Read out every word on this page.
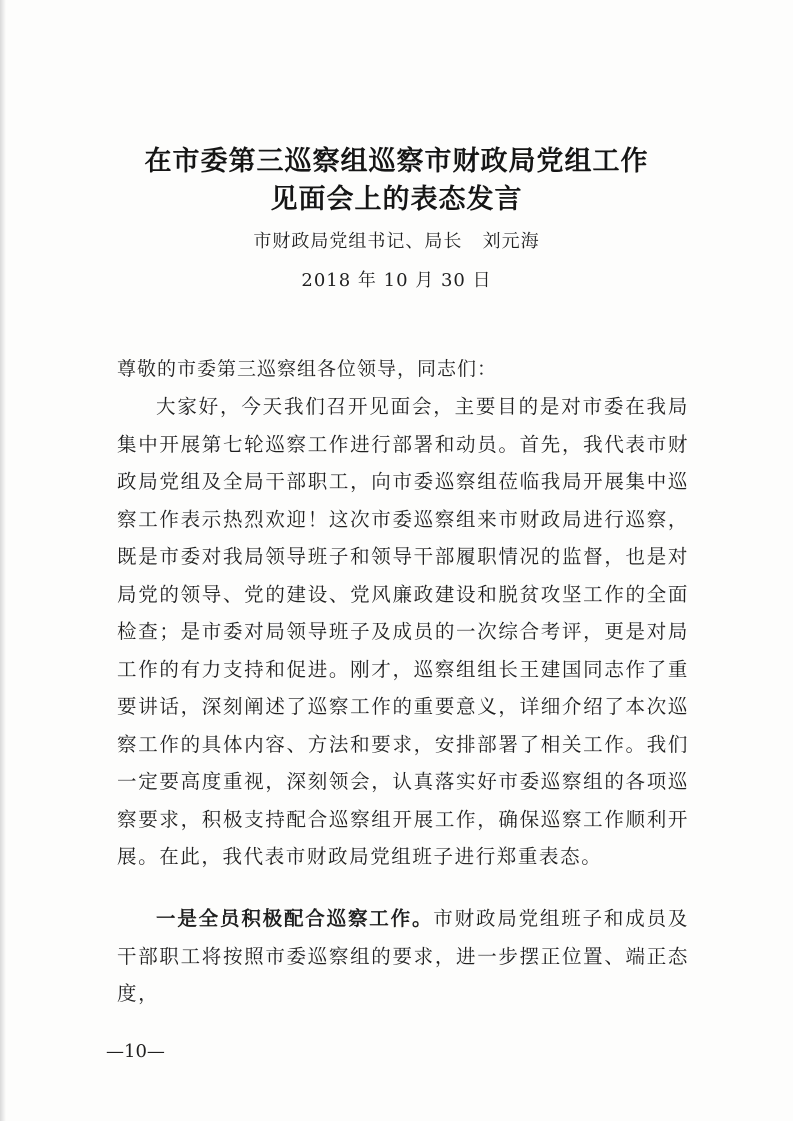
在市委第三巡察组巡察市财政局党组工作
见面会上的表态发言
市财政局党组书记、局长   刘元海
2018 年 10 月 30 日
尊敬的市委第三巡察组各位领导，同志们：
大家好，今天我们召开见面会，主要目的是对市委在我局集中开展第七轮巡察工作进行部署和动员。首先，我代表市财政局党组及全局干部职工，向市委巡察组莅临我局开展集中巡察工作表示热烈欢迎！这次市委巡察组来市财政局进行巡察，既是市委对我局领导班子和领导干部履职情况的监督，也是对局党的领导、党的建设、党风廉政建设和脱贫攻坚工作的全面检查；是市委对局领导班子及成员的一次综合考评，更是对局工作的有力支持和促进。刚才，巡察组组长王建国同志作了重要讲话，深刻阐述了巡察工作的重要意义，详细介绍了本次巡察工作的具体内容、方法和要求，安排部署了相关工作。我们一定要高度重视，深刻领会，认真落实好市委巡察组的各项巡察要求，积极支持配合巡察组开展工作，确保巡察工作顺利开展。在此，我代表市财政局党组班子进行郑重表态。
一是全员积极配合巡察工作。市财政局党组班子和成员及干部职工将按照市委巡察组的要求，进一步摆正位置、端正态度，
—10—
